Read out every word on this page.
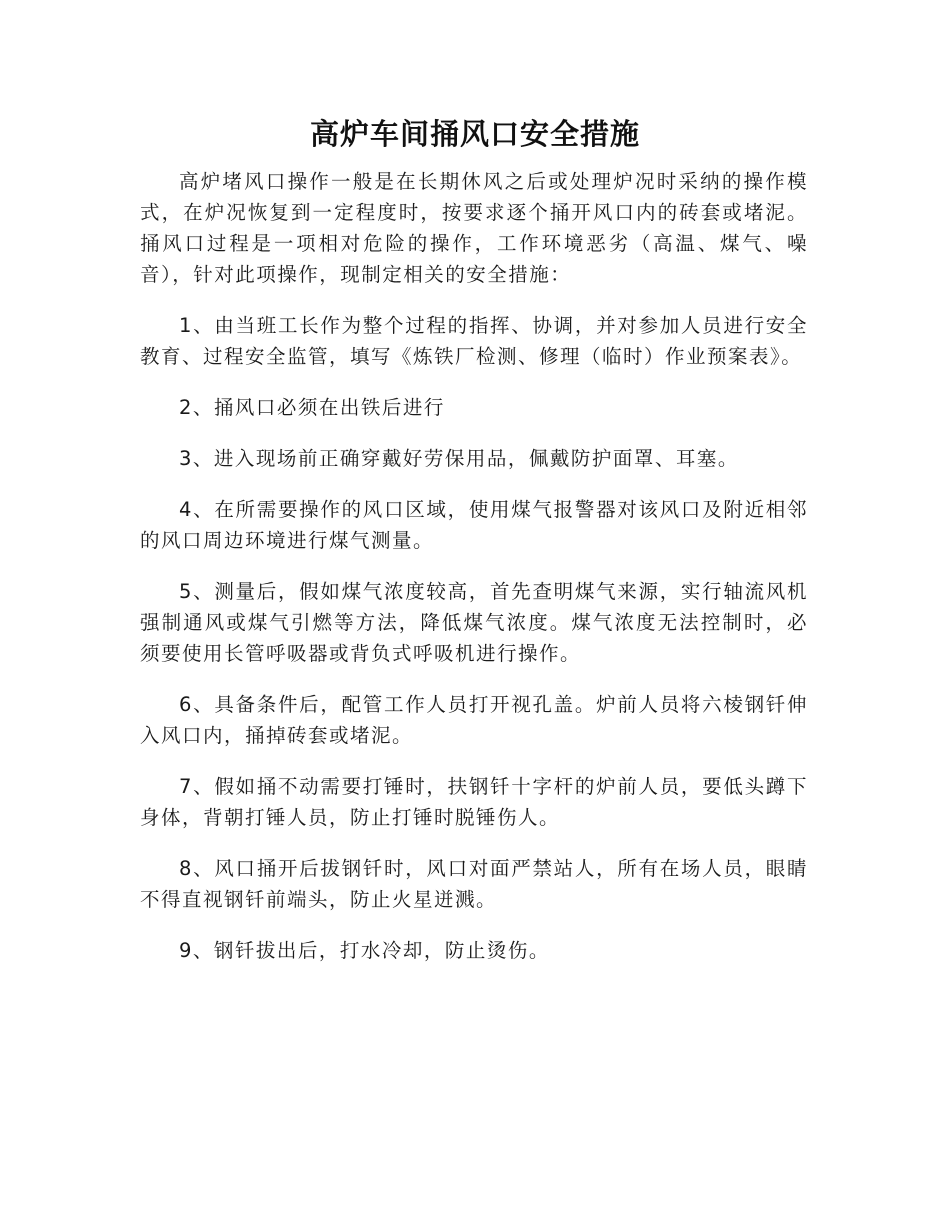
高炉车间捅风口安全措施

高炉堵风口操作一般是在长期休风之后或处理炉况时采纳的操作模式，在炉况恢复到一定程度时，按要求逐个捅开风口内的砖套或堵泥。捅风口过程是一项相对危险的操作，工作环境恶劣（高温、煤气、噪音），针对此项操作，现制定相关的安全措施：

1、由当班工长作为整个过程的指挥、协调，并对参加人员进行安全教育、过程安全监管，填写《炼铁厂检测、修理（临时）作业预案表》。

2、捅风口必须在出铁后进行

3、进入现场前正确穿戴好劳保用品，佩戴防护面罩、耳塞。

4、在所需要操作的风口区域，使用煤气报警器对该风口及附近相邻的风口周边环境进行煤气测量。

5、测量后，假如煤气浓度较高，首先查明煤气来源，实行轴流风机强制通风或煤气引燃等方法，降低煤气浓度。煤气浓度无法控制时，必须要使用长管呼吸器或背负式呼吸机进行操作。

6、具备条件后，配管工作人员打开视孔盖。炉前人员将六棱钢钎伸入风口内，捅掉砖套或堵泥。

7、假如捅不动需要打锤时，扶钢钎十字杆的炉前人员，要低头蹲下身体，背朝打锤人员，防止打锤时脱锤伤人。

8、风口捅开后拔钢钎时，风口对面严禁站人，所有在场人员，眼睛不得直视钢钎前端头，防止火星迸溅。

9、钢钎拔出后，打水冷却，防止烫伤。
